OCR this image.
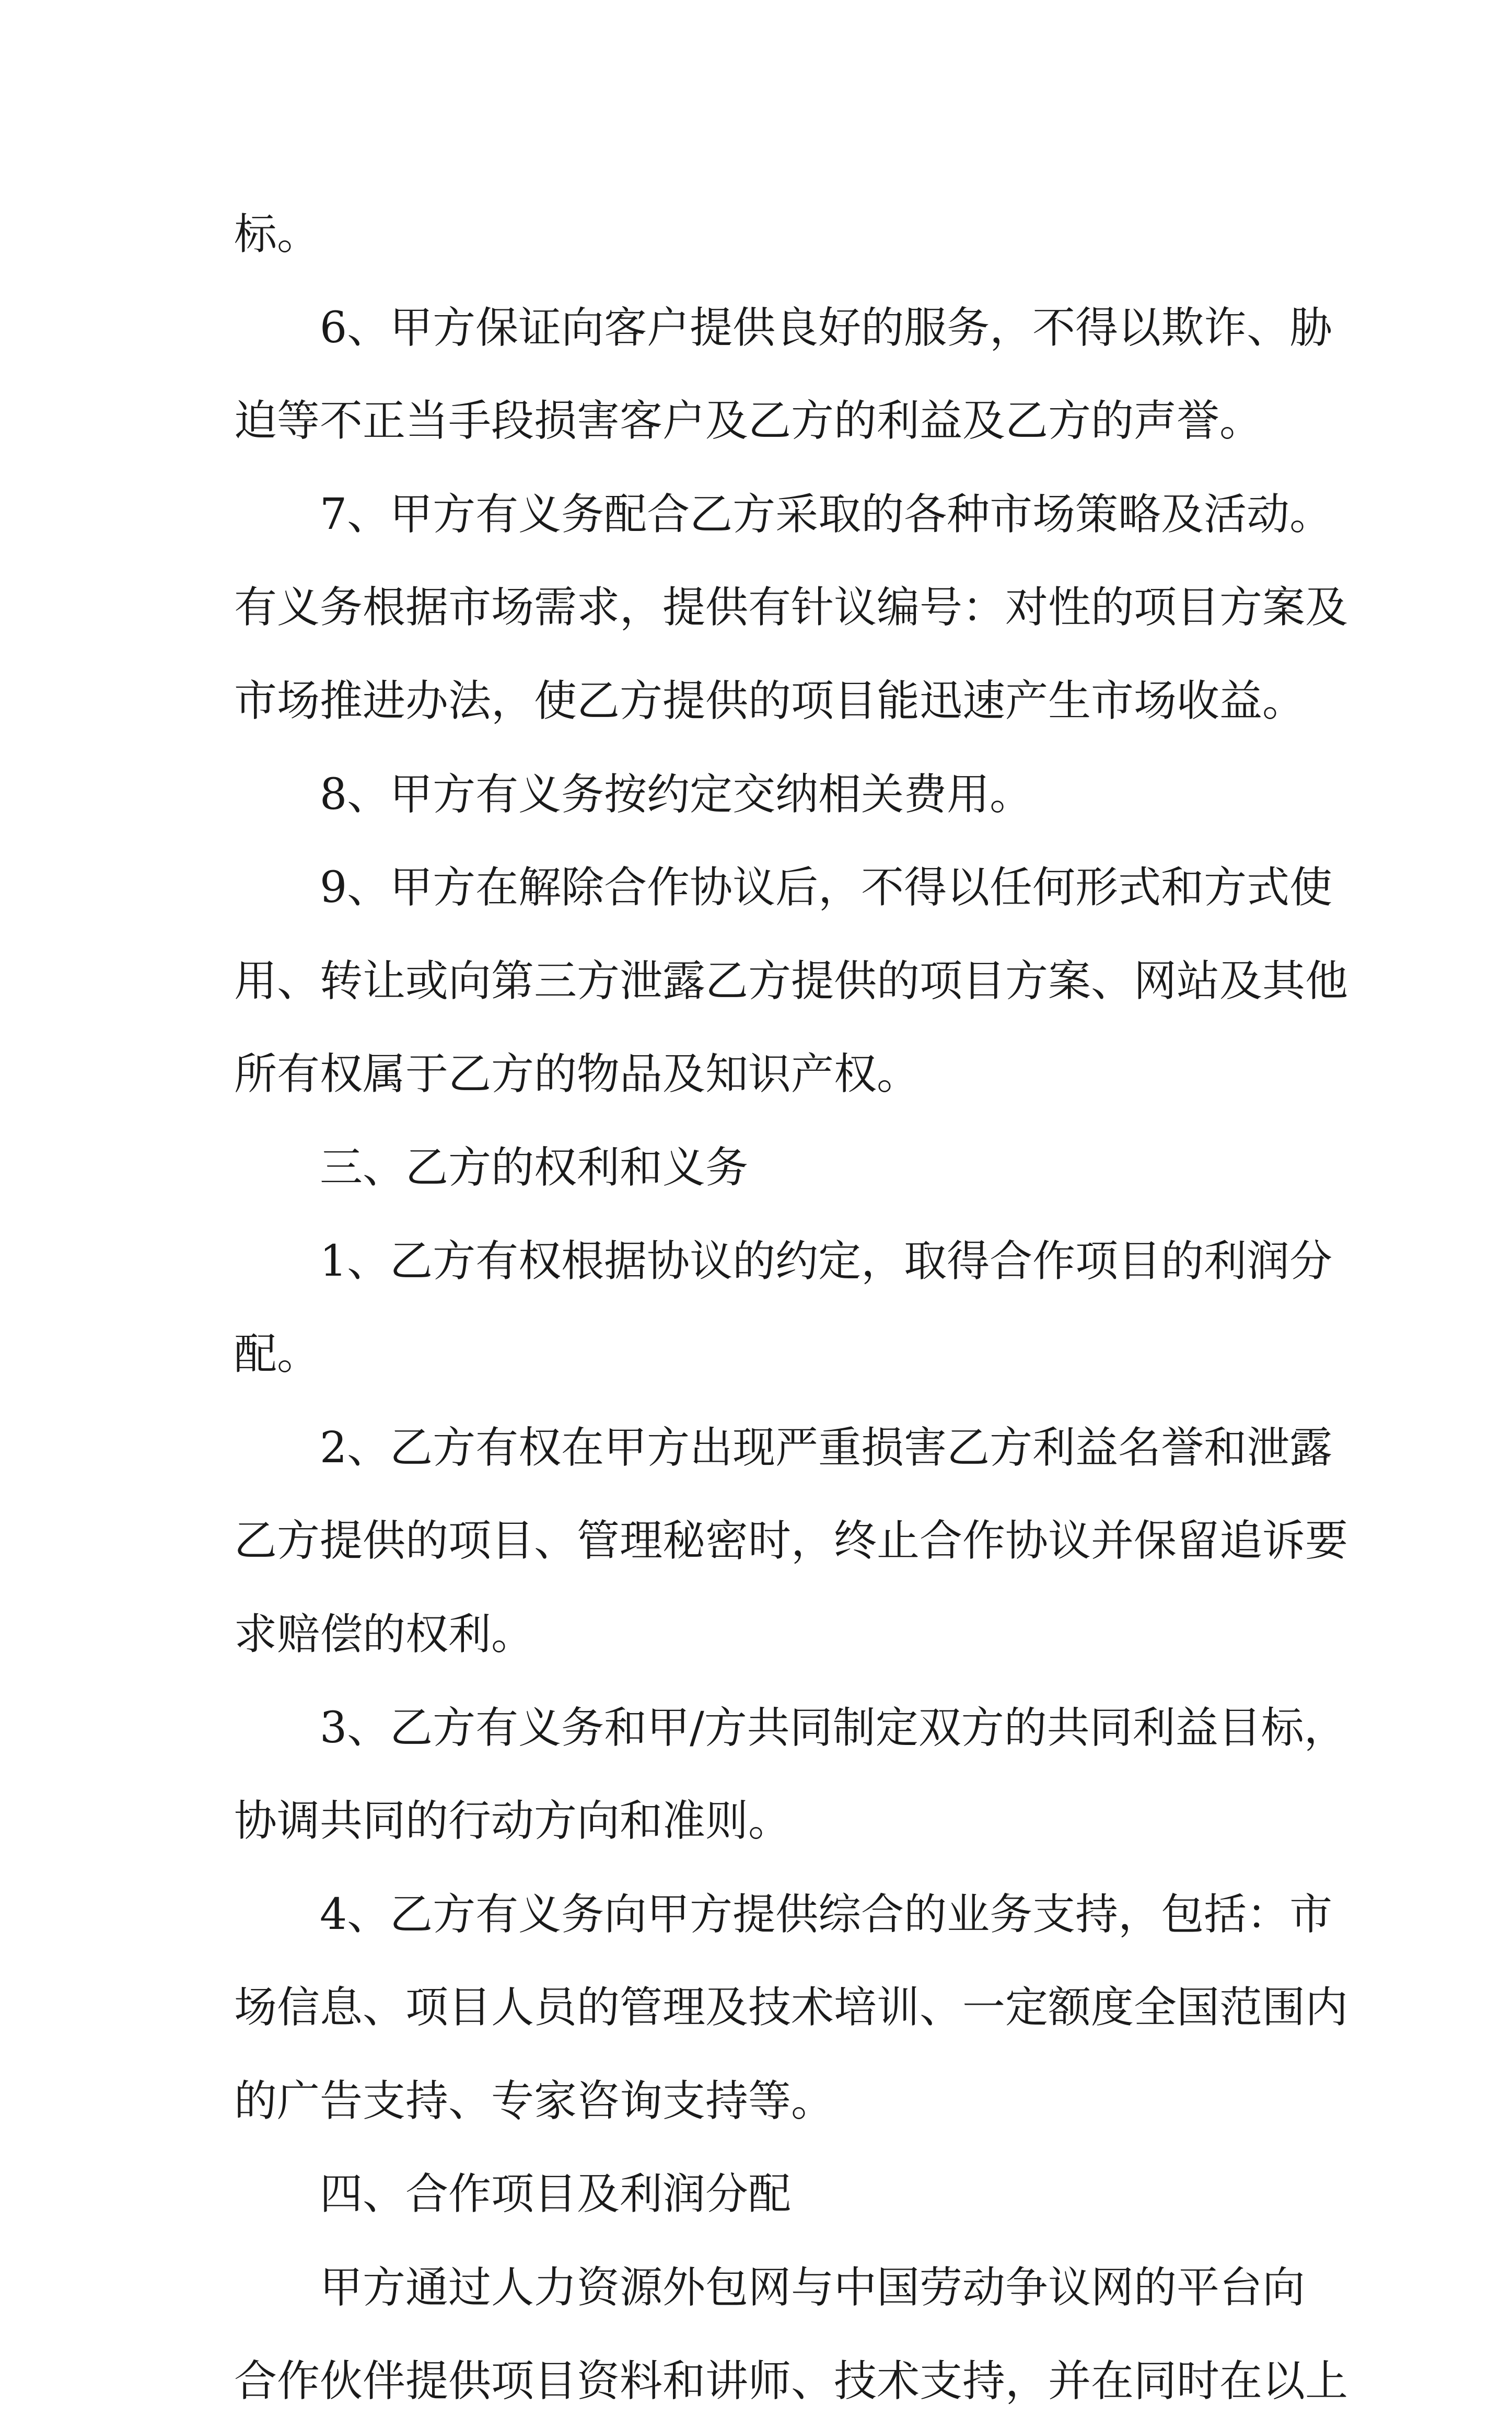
标。
6、甲方保证向客户提供良好的服务，不得以欺诈、胁
迫等不正当手段损害客户及乙方的利益及乙方的声誉。
7、甲方有义务配合乙方采取的各种市场策略及活动。
有义务根据市场需求，提供有针议编号：对性的项目方案及
市场推进办法，使乙方提供的项目能迅速产生市场收益。
8、甲方有义务按约定交纳相关费用。
9、甲方在解除合作协议后，不得以任何形式和方式使
用、转让或向第三方泄露乙方提供的项目方案、网站及其他
所有权属于乙方的物品及知识产权。
三、乙方的权利和义务
1、乙方有权根据协议的约定，取得合作项目的利润分
配。
2、乙方有权在甲方出现严重损害乙方利益名誉和泄露
乙方提供的项目、管理秘密时，终止合作协议并保留追诉要
求赔偿的权利。
3、乙方有义务和甲/方共同制定双方的共同利益目标，
协调共同的行动方向和准则。
4、乙方有义务向甲方提供综合的业务支持，包括：市
场信息、项目人员的管理及技术培训、一定额度全国范围内
的广告支持、专家咨询支持等。
四、合作项目及利润分配
甲方通过人力资源外包网与中国劳动争议网的平台向
合作伙伴提供项目资料和讲师、技术支持，并在同时在以上
